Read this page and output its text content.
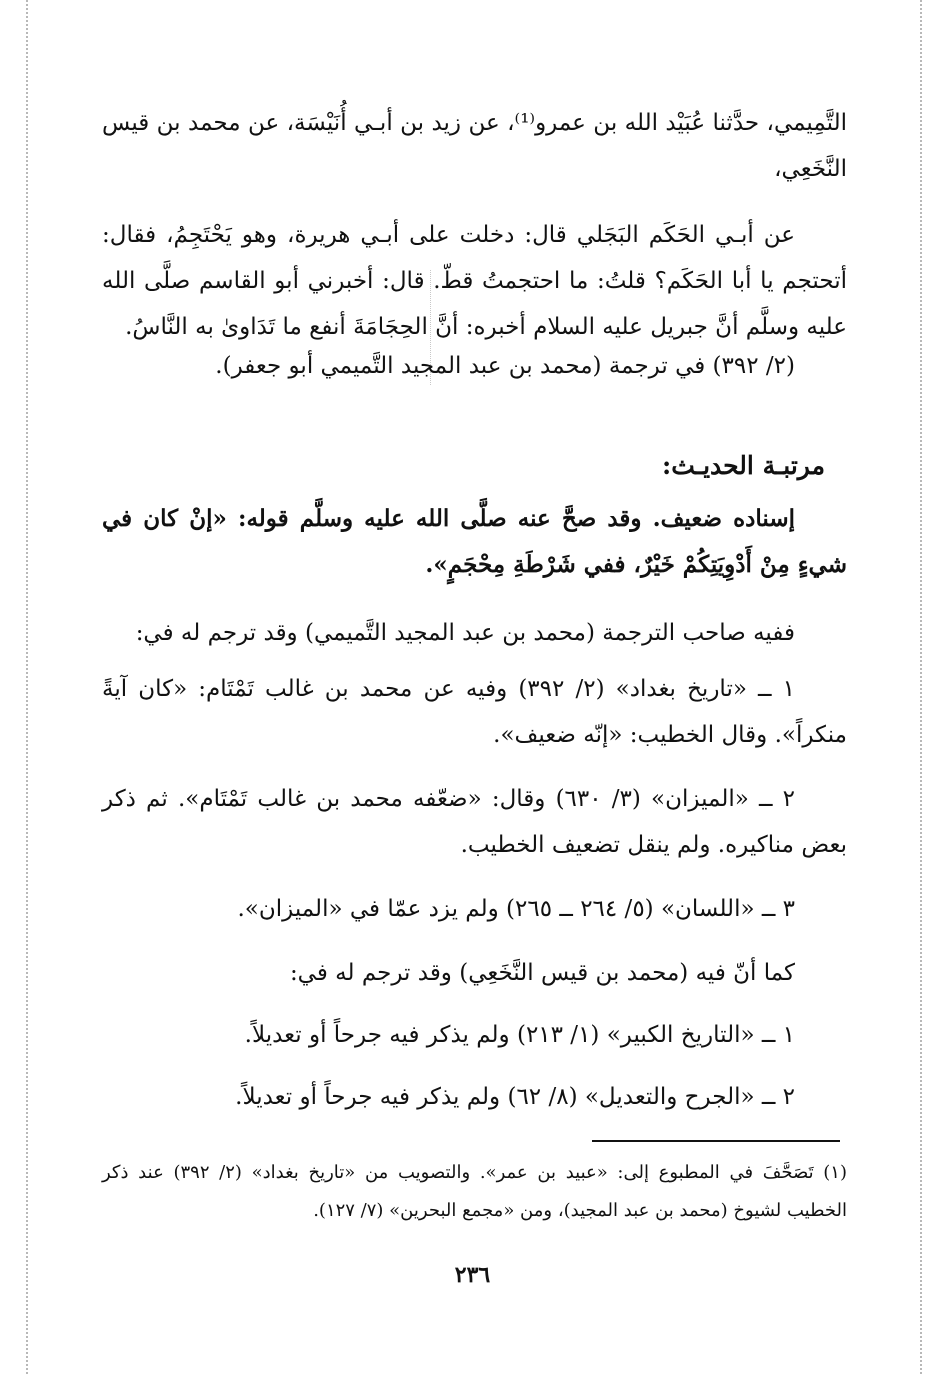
التَّمِيمي، حدَّثنا عُبَيْد الله بن عمرو⁽¹⁾، عن زيد بن أبـي أُنَيْسَة، عن محمد بن قيس النَّخَعِي،

عن أبـي الحَكَم البَجَلي قال: دخلت على أبـي هريرة، وهو يَحْتَجِمُ، فقال: أتحتجم يا أبا الحَكَم؟ قلتُ: ما احتجمتُ قطّ. قال: أخبرني أبو القاسم صلَّى الله عليه وسلَّم أنَّ جبريل عليه السلام أخبره: أنَّ الحِجَامَةَ أنفع ما تَدَاوىٰ به النَّاسُ.

(٢/ ٣٩٢) في ترجمة (محمد بن عبد المجيد التَّميمي أبو جعفر).

مرتبـة الحديـث:

إسناده ضعيف. وقد صحَّ عنه صلَّى الله عليه وسلَّم قوله: «إنْ كان في شيءٍ مِنْ أَدْوِيَتِكُمْ خَيْرٌ، ففي شَرْطَةِ مِحْجَمٍ».

ففيه صاحب الترجمة (محمد بن عبد المجيد التَّميمي) وقد ترجم له في:

١ ــ «تاريخ بغداد» (٢/ ٣٩٢) وفيه عن محمد بن غالب تَمْتَام: «كان آيةً منكراً». وقال الخطيب: «إنّه ضعيف».

٢ ــ «الميزان» (٣/ ٦٣٠) وقال: «ضعّفه محمد بن غالب تَمْتَام». ثم ذكر بعض مناكيره. ولم ينقل تضعيف الخطيب.

٣ ــ «اللسان» (٥/ ٢٦٤ ــ ٢٦٥) ولم يزد عمّا في «الميزان».

كما أنّ فيه (محمد بن قيس النَّخَعِي) وقد ترجم له في:

١ ــ «التاريخ الكبير» (١/ ٢١٣) ولم يذكر فيه جرحاً أو تعديلاً.

٢ ــ «الجرح والتعديل» (٨/ ٦٢) ولم يذكر فيه جرحاً أو تعديلاً.

(١) تَصَحَّفَ في المطبوع إلى: «عبيد بن عمر». والتصويب من «تاريخ بغداد» (٢/ ٣٩٢) عند ذكر الخطيب لشيوخ (محمد بن عبد المجيد)، ومن «مجمع البحرين» (٧/ ١٢٧).

٢٣٦
